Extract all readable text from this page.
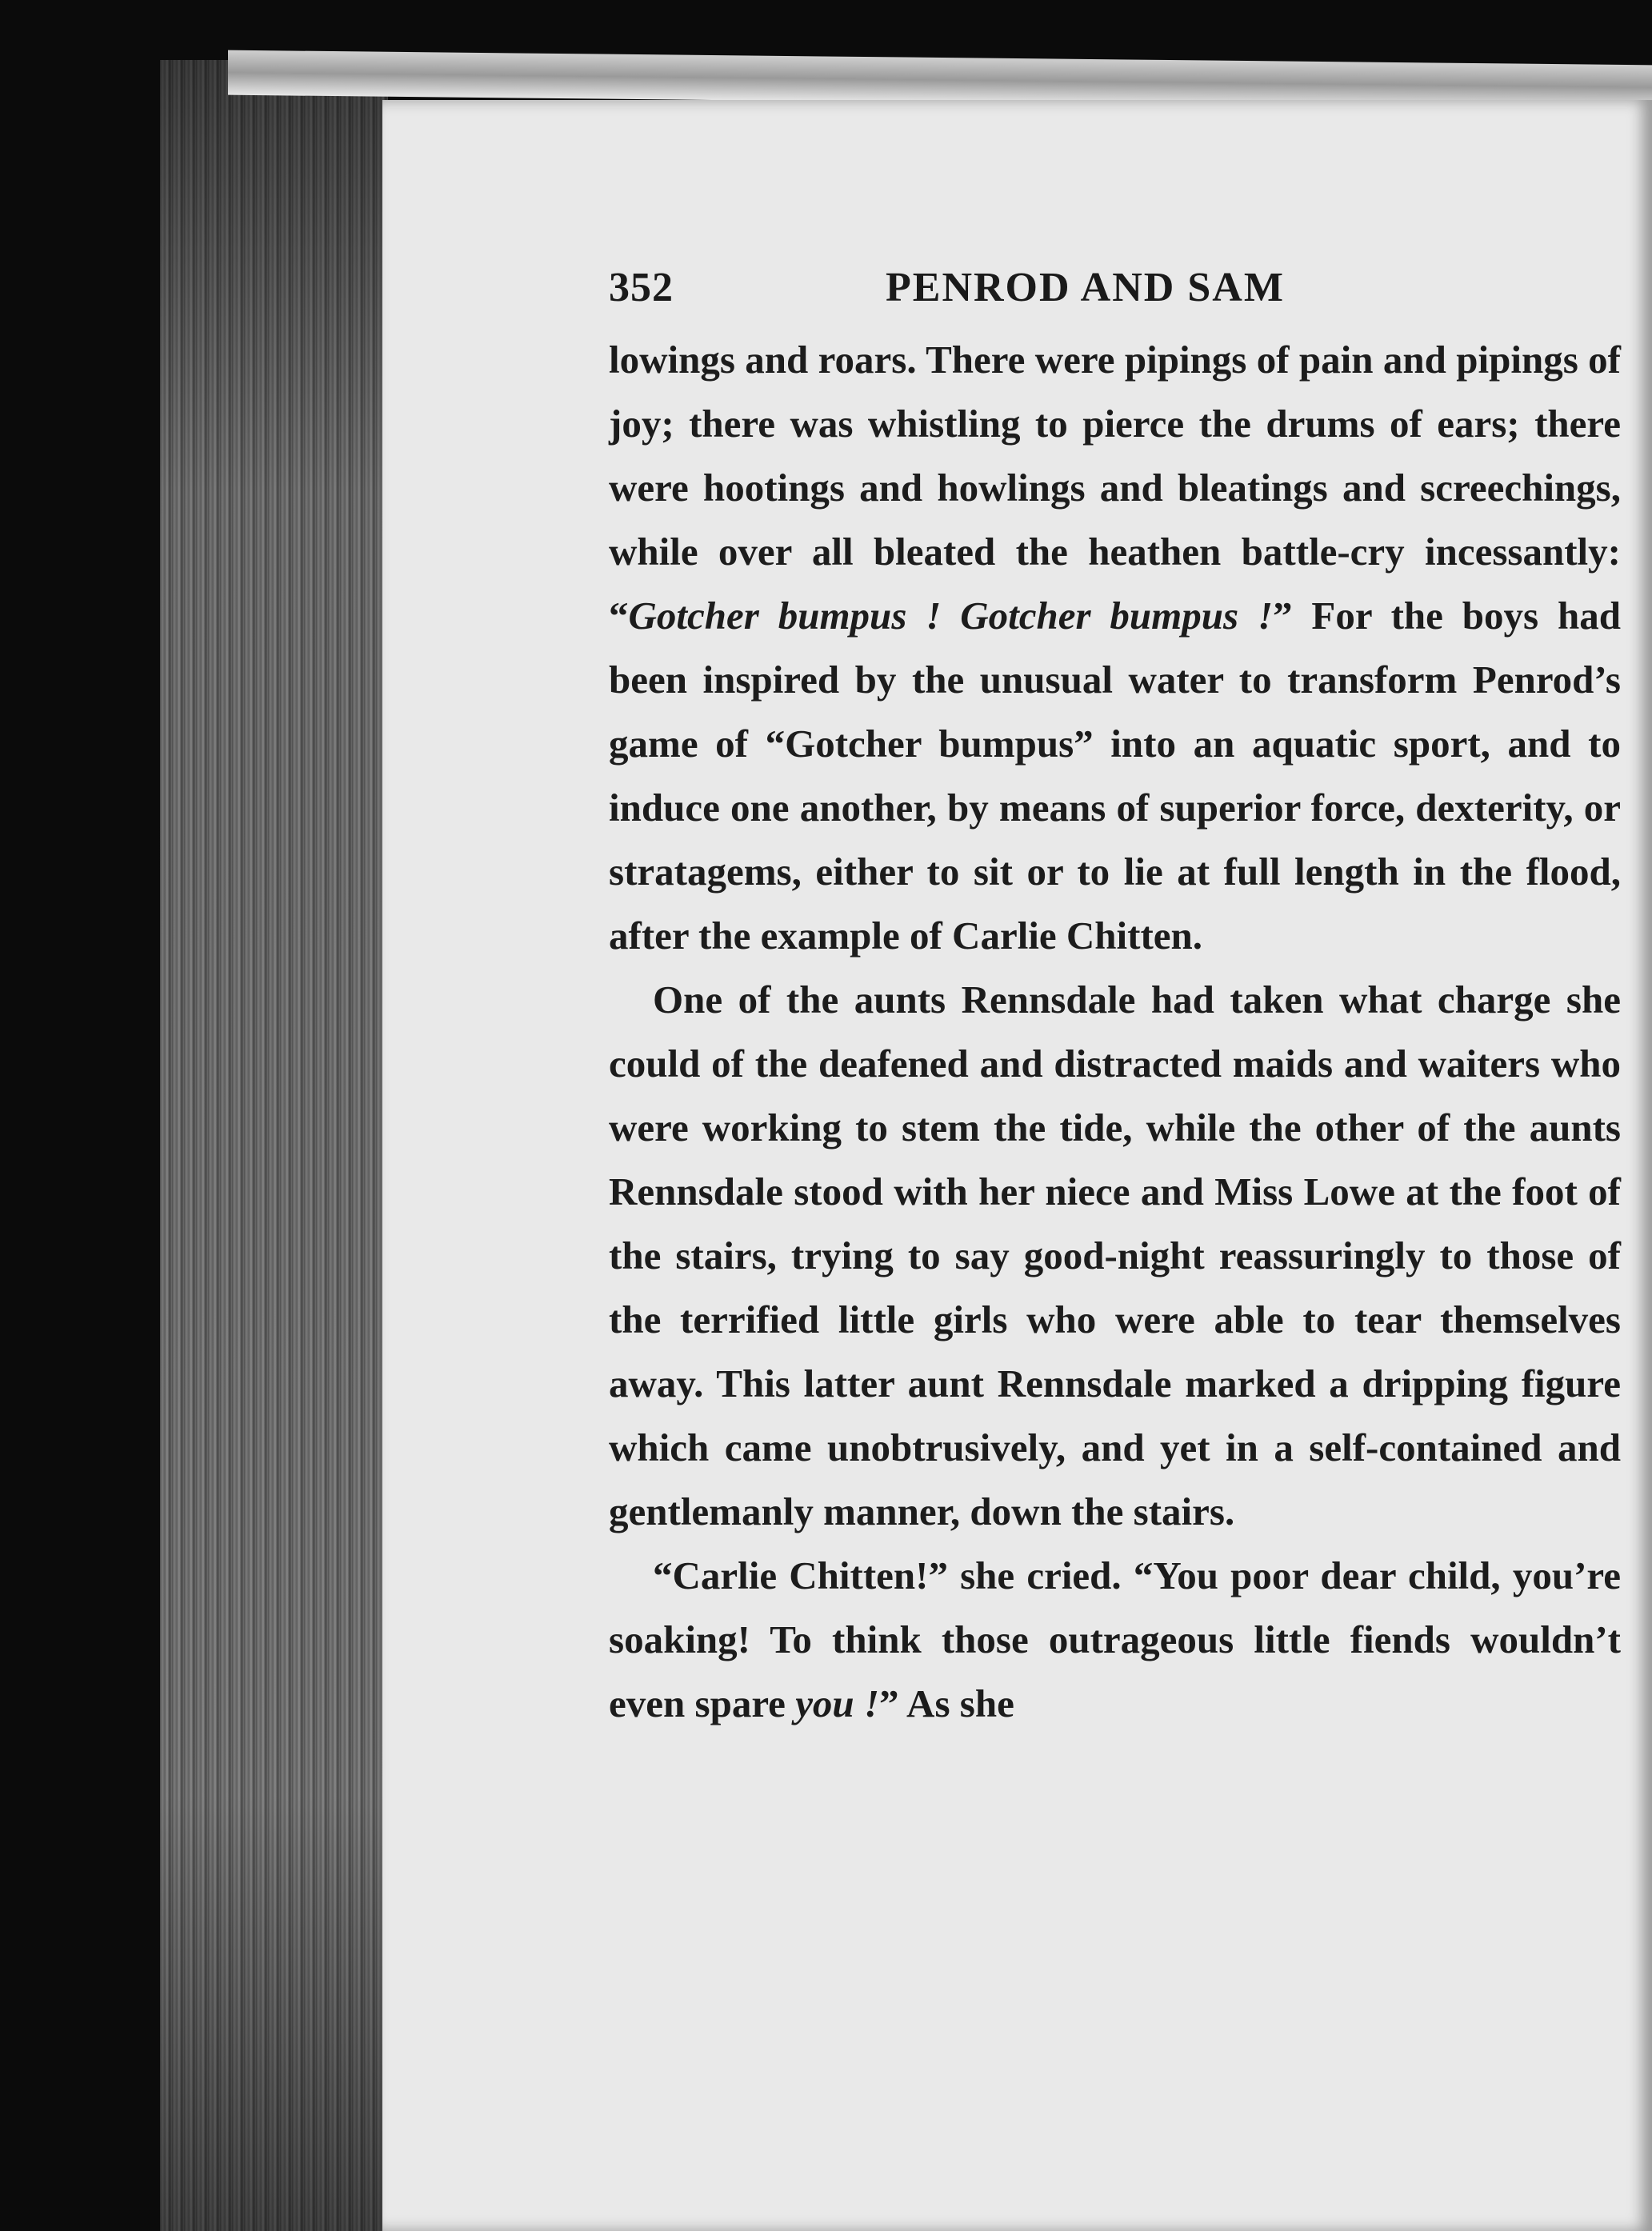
352	PENROD AND SAM

lowings and roars. There were pipings of pain and pipings of joy; there was whistling to pierce the drums of ears; there were hootings and howlings and bleatings and screechings, while over all bleated the heathen battle-cry incessantly: “Gotcher bumpus ! Gotcher bumpus !” For the boys had been inspired by the unusual water to transform Penrod’s game of “Gotcher bumpus” into an aquatic sport, and to induce one another, by means of superior force, dexterity, or stratagems, either to sit or to lie at full length in the flood, after the example of Carlie Chitten.

One of the aunts Rennsdale had taken what charge she could of the deafened and distracted maids and waiters who were working to stem the tide, while the other of the aunts Rennsdale stood with her niece and Miss Lowe at the foot of the stairs, trying to say good-night reassuringly to those of the terrified little girls who were able to tear themselves away. This latter aunt Rennsdale marked a dripping figure which came unobtrusively, and yet in a self-contained and gentlemanly manner, down the stairs.

“Carlie Chitten!” she cried. “You poor dear child, you’re soaking! To think those outrageous little fiends wouldn’t even spare you !” As she
